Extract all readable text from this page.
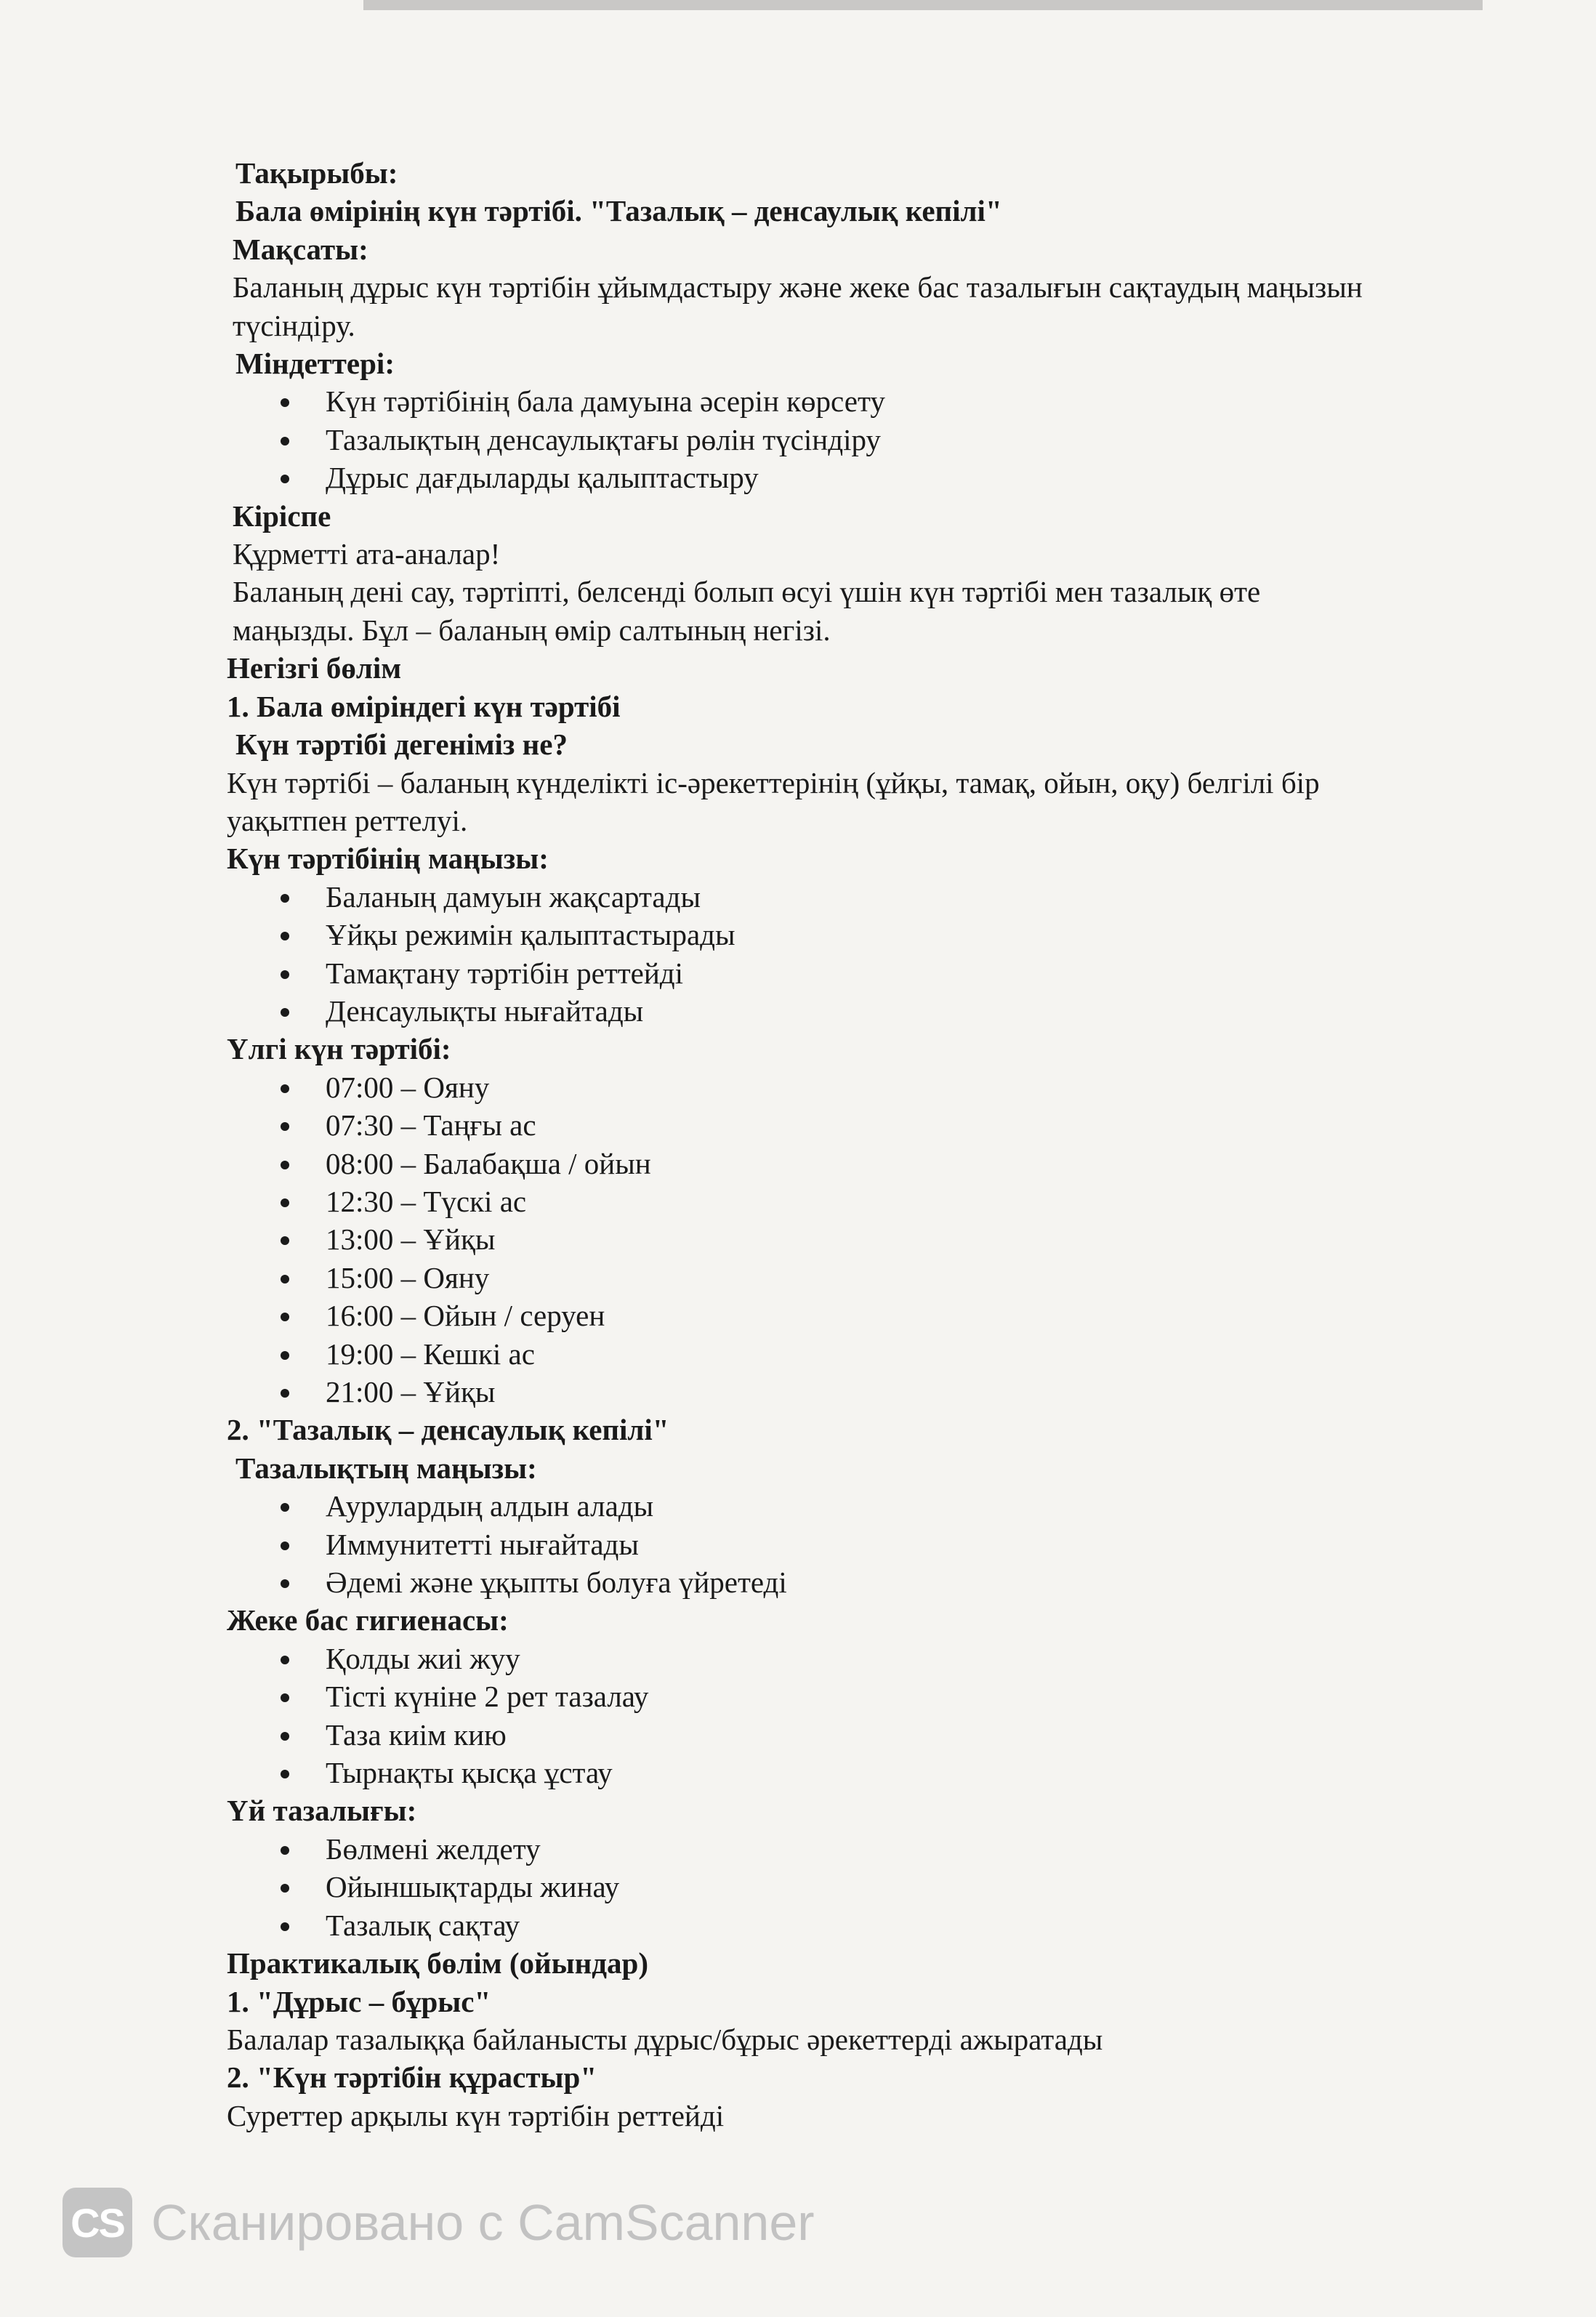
Тақырыбы:
Бала өмірінің күн тәртібі. "Тазалық – денсаулық кепілі"
Мақсаты:
Баланың дұрыс күн тәртібін ұйымдастыру және жеке бас тазалығын сақтаудың маңызын
түсіндіру.
Міндеттері:
Күн тәртібінің бала дамуына әсерін көрсету
Тазалықтың денсаулықтағы рөлін түсіндіру
Дұрыс дағдыларды қалыптастыру
Кіріспе
Құрметті ата-аналар!
Баланың дені сау, тәртіпті, белсенді болып өсуі үшін күн тәртібі мен тазалық өте
маңызды. Бұл – баланың өмір салтының негізі.
Негізгі бөлім
1. Бала өміріндегі күн тәртібі
Күн тәртібі дегеніміз не?
Күн тәртібі – баланың күнделікті іс-әрекеттерінің (ұйқы, тамақ, ойын, оқу) белгілі бір
уақытпен реттелуі.
Күн тәртібінің маңызы:
Баланың дамуын жақсартады
Ұйқы режимін қалыптастырады
Тамақтану тәртібін реттейді
Денсаулықты нығайтады
Үлгі күн тәртібі:
07:00 – Ояну
07:30 – Таңғы ас
08:00 – Балабақша / ойын
12:30 – Түскі ас
13:00 – Ұйқы
15:00 – Ояну
16:00 – Ойын / серуен
19:00 – Кешкі ас
21:00 – Ұйқы
2. "Тазалық – денсаулық кепілі"
Тазалықтың маңызы:
Аурулардың алдын алады
Иммунитетті нығайтады
Әдемі және ұқыпты болуға үйретеді
Жеке бас гигиенасы:
Қолды жиі жуу
Тісті күніне 2 рет тазалау
Таза киім кию
Тырнақты қысқа ұстау
Үй тазалығы:
Бөлмені желдету
Ойыншықтарды жинау
Тазалық сақтау
Практикалық бөлім (ойындар)
1. "Дұрыс – бұрыс"
Балалар тазалыққа байланысты дұрыс/бұрыс әрекеттерді ажыратады
2. "Күн тәртібін құрастыр"
Суреттер арқылы күн тәртібін реттейді
CS Сканировано с CamScanner
